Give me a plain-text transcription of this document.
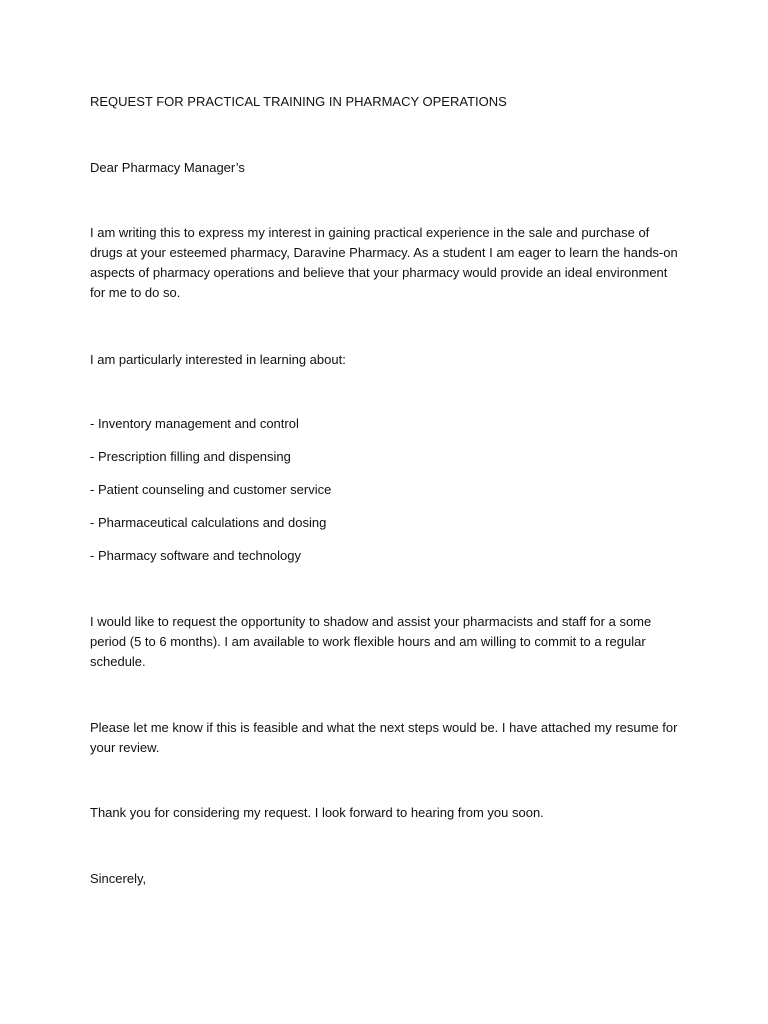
REQUEST FOR PRACTICAL TRAINING IN PHARMACY OPERATIONS
Dear Pharmacy Manager’s
I am writing this to express my interest in gaining practical experience in the sale and purchase of drugs at your esteemed pharmacy, Daravine Pharmacy. As a student I am eager to learn the hands-on aspects of pharmacy operations and believe that your pharmacy would provide an ideal environment for me to do so.
I am particularly interested in learning about:
- Inventory management and control
- Prescription filling and dispensing
- Patient counseling and customer service
- Pharmaceutical calculations and dosing
- Pharmacy software and technology
I would like to request the opportunity to shadow and assist your pharmacists and staff for a some period (5 to 6 months). I am available to work flexible hours and am willing to commit to a regular schedule.
Please let me know if this is feasible and what the next steps would be. I have attached my resume for your review.
Thank you for considering my request. I look forward to hearing from you soon.
Sincerely,
